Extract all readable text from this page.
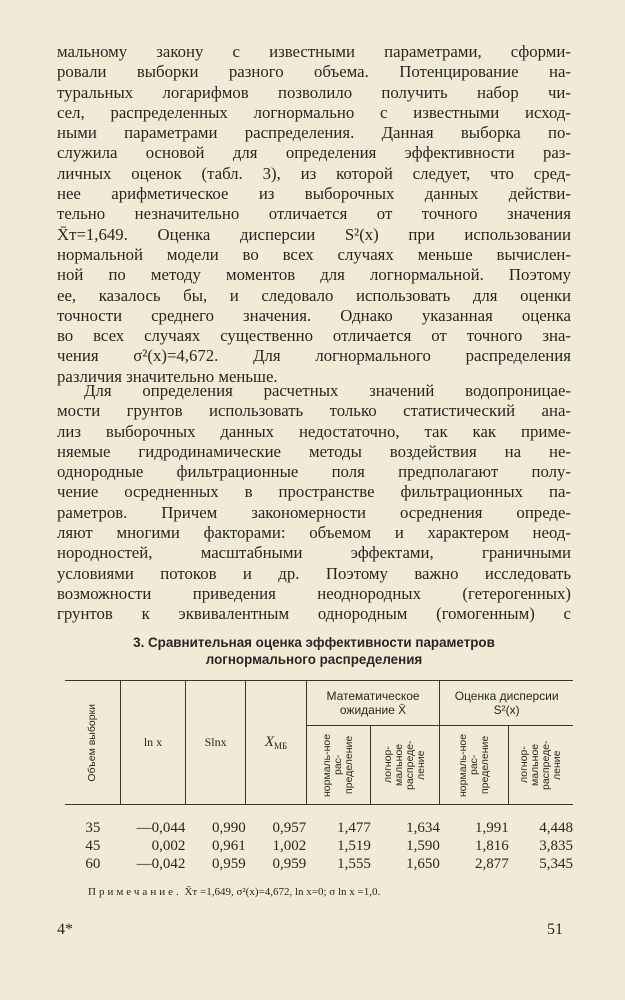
мальному закону с известными параметрами, сформи-
ровали выборки разного объема. Потенцирование на-
туральных логарифмов позволило получить набор чи-
сел, распределенных логнормально с известными исход-
ными параметрами распределения. Данная выборка по-
служила основой для определения эффективности раз-
личных оценок (табл. 3), из которой следует, что сред-
нее арифметическое из выборочных данных действи-
тельно незначительно отличается от точного значения
X̄т=1,649. Оценка дисперсии S²(x) при использовании
нормальной модели во всех случаях меньше вычислен-
ной по методу моментов для логнормальной. Поэтому
ее, казалось бы, и следовало использовать для оценки
точности среднего значения. Однако указанная оценка
во всех случаях существенно отличается от точного зна-
чения σ²(x)=4,672. Для логнормального распределения
различия значительно меньше.
Для определения расчетных значений водопроницае-
мости грунтов использовать только статистический ана-
лиз выборочных данных недостаточно, так как приме-
няемые гидродинамические методы воздействия на не-
однородные фильтрационные поля предполагают полу-
чение осредненных в пространстве фильтрационных па-
раметров. Причем закономерности осреднения опреде-
ляют многими факторами: объемом и характером неод-
нородностей, масштабными эффектами, граничными
условиями потоков и др. Поэтому важно исследовать
возможности приведения неоднородных (гетерогенных)
грунтов к эквивалентным однородным (гомогенным) с
3. Сравнительная оценка эффективности параметров
логнормального распределения
Объем выборки	ln x	Slnx	$X_{МБ}$	Математическое ожидание X̄		Оценка дисперсии S²(x)	

				нормаль-ное рас-пределение	логнор-мальное распреде-ление	нормаль-ное рас-пределение	логнор-мальное распреде-ление

35	—0,044	0,990	0,957	1,477	1,634	1,991	4,448
45	0,002	0,961	1,002	1,519	1,590	1,816	3,835
60	—0,042	0,959	0,959	1,555	1,650	2,877	5,345
Примечание. X̄т =1,649, σ²(x)=4,672, ln x=0; σ ln x =1,0.
4*	51
